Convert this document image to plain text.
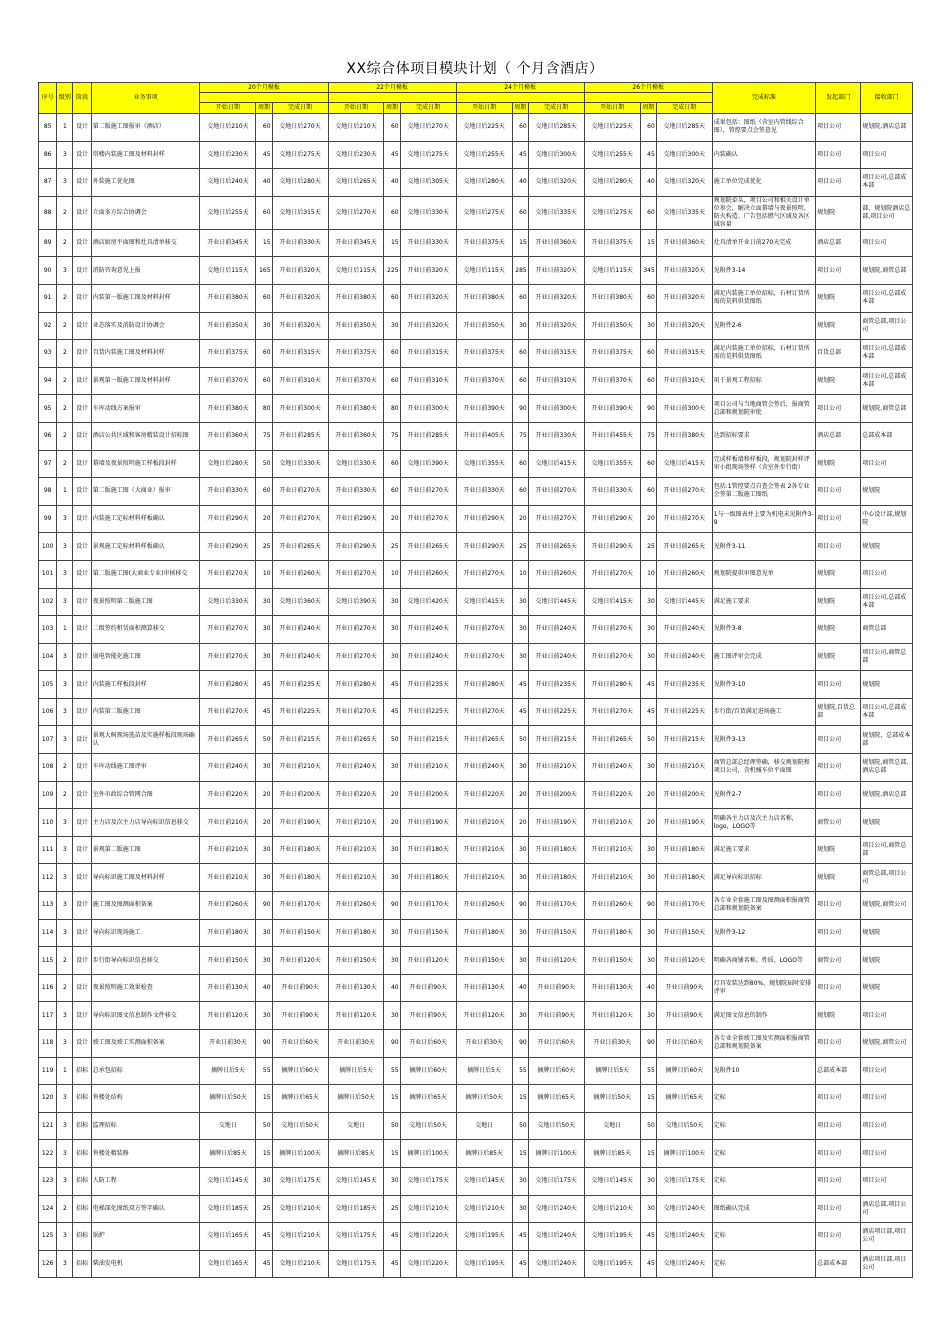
XX综合体项目模块计划（ 个月含酒店）
序号	级别	阶段	业务事项	20个月模板			22个月模板			24个月模板			26个月模板			完成标准	发起部门	接收部门

				开始日期	周期	完成日期	开始日期	周期	完成日期	开始日期	周期	完成日期	开始日期	周期	完成日期			
85	1	设计	第二版施工图报审（酒店）	交地日后210天	60	交地日后270天	交地日后210天	60	交地日后270天	交地日后225天	60	交地日后285天	交地日后225天	60	交地日后285天	成果包括：图纸（含室内管线综合图），管控要点会签意见	项目公司	规划院,酒店总部
86	3	设计	塔楼内装施工图及材料封样	交地日后230天	45	交地日后275天	交地日后230天	45	交地日后275天	交地日后255天	45	交地日后300天	交地日后255天	45	交地日后300天	内装确认	项目公司	项目公司
87	3	设计	外装施工优化图	交地日后240天	40	交地日后280天	交地日后265天	40	交地日后305天	交地日后280天	40	交地日后320天	交地日后280天	40	交地日后320天	施工单位完成优化	项目公司	项目公司,总部成本部
88	2	设计	立面多方综合协调会	交地日后255天	60	交地日后315天	交地日后270天	60	交地日后330天	交地日后275天	60	交地日后335天	交地日后275天	60	交地日后335天	规划院牵头，项目公司和相关设计单位参会，解决立面幕墙与夜景照明、防火构造、广告包括燃气区域及各区域容量	规划院	部，规划院酒店总部,项目公司
89	2	设计	酒店厨房平面图和灶具清单移交	开业日前345天	15	开业日前330天	开业日前345天	15	开业日前330天	开业日前375天	15	开业日前360天	开业日前375天	15	开业日前360天	灶具清单开业日前270天完成	酒店总部	项目公司
90	3	设计	消防咨询意见上报	交地日后115天	165	开业日前320天	交地日后115天	225	开业日前320天	交地日后115天	285	开业日前320天	交地日后115天	345	开业日前320天	见附件3-14	项目公司	规划院,商管总部
91	2	设计	内装第一版施工图及材料封样	开业日前380天	60	开业日前320天	开业日前380天	60	开业日前320天	开业日前380天	60	开业日前320天	开业日前380天	60	开业日前320天	满足内装施工单位招标，石材订货所需的荒料供货图纸	规划院	项目公司,总部成本部
92	2	设计	业态落实及消防设计协调会	开业日前350天	30	开业日前320天	开业日前350天	30	开业日前320天	开业日前350天	30	开业日前320天	开业日前350天	30	开业日前320天	见附件2-6	规划院	商管总部,项目公司
93	2	设计	百货内装施工图及材料封样	开业日前375天	60	开业日前315天	开业日前375天	60	开业日前315天	开业日前375天	60	开业日前315天	开业日前375天	60	开业日前315天	满足内装施工单位招标，石材订货所需的荒料供货图纸	百货总部	项目公司,总部成本部
94	2	设计	景观第一版施工图及材料封样	开业日前370天	60	开业日前310天	开业日前370天	60	开业日前310天	开业日前370天	60	开业日前310天	开业日前370天	60	开业日前310天	用于景观工程招标	规划院	项目公司,总部成本部
95	2	设计	车库动线方案报审	开业日前380天	80	开业日前300天	开业日前380天	80	开业日前300天	开业日前390天	90	开业日前300天	开业日前390天	90	开业日前300天	项目公司与当地商管会签后，报商管总部和规划院审批	项目公司	规划院,商管总部
96	2	设计	酒店公共区域和客房精装设计招标图	开业日前360天	75	开业日前285天	开业日前360天	75	开业日前285天	开业日前405天	75	开业日前330天	开业日前455天	75	开业日前380天	达到招标要求	酒店总部	总部成本部
97	2	设计	幕墙及夜景照明施工样板段封样	交地日后280天	50	交地日后330天	交地日后330天	60	交地日后390天	交地日后355天	60	交地日后415天	交地日后355天	60	交地日后415天	完成样板墙和样板段，规划院封样评审小组现场签样（含室外步行街）	规划院	项目公司
98	1	设计	第二版施工图（大商业）报审	开业日前330天	60	开业日前270天	开业日前330天	60	开业日前270天	开业日前330天	60	开业日前270天	开业日前330天	60	开业日前270天	包括:1管控要点自查会签表 2各专业会签第二版施工图纸	项目公司	规划院
99	3	设计	内装施工定标材料样板确认	开业日前290天	20	开业日前270天	开业日前290天	20	开业日前270天	开业日前290天	20	开业日前270天	开业日前290天	20	开业日前270天	1与一级图表并上要为机电末见附件3-9	项目公司	中心设计部,规划院
100	3	设计	景观施工定标材料样板确认	开业日前290天	25	开业日前265天	开业日前290天	25	开业日前265天	开业日前290天	25	开业日前265天	开业日前290天	25	开业日前265天	见附件3-11	项目公司	规划院
101	3	设计	第二版施工图(大商业专业)审核移交	开业日前270天	10	开业日前260天	开业日前270天	10	开业日前260天	开业日前270天	10	开业日前260天	开业日前270天	10	开业日前260天	规划院提供审图意见单	规划院	项目公司
102	3	设计	夜景照明第二版施工图	交地日后330天	30	交地日后360天	交地日后390天	30	交地日后420天	交地日后415天	30	交地日后445天	交地日后415天	30	交地日后445天	满足施工要求	规划院	项目公司,总部成本部
103	1	设计	二级签约租赁面积测算移交	开业日前270天	30	开业日前240天	开业日前270天	30	开业日前240天	开业日前270天	30	开业日前240天	开业日前270天	30	开业日前240天	见附件3-8	规划院	商管总部
104	3	设计	弱电智能化施工图	开业日前270天	30	开业日前240天	开业日前270天	30	开业日前240天	开业日前270天	30	开业日前240天	开业日前270天	30	开业日前240天	施工图评审会完成	规划院	项目公司,商管总部
105	3	设计	内装施工样板段封样	开业日前280天	45	开业日前235天	开业日前280天	45	开业日前235天	开业日前280天	45	开业日前235天	开业日前280天	45	开业日前235天	见附件3-10	项目公司	规划院
106	3	设计	内装第二版施工图	开业日前270天	45	开业日前225天	开业日前270天	45	开业日前225天	开业日前270天	45	开业日前225天	开业日前270天	45	开业日前225天	步行街/百货满足进场施工	规划院,百货总部	项目公司,总部成本部
107	3	设计	景观大树现场选苗及实施样板段现场确认	开业日前265天	50	开业日前215天	开业日前265天	50	开业日前215天	开业日前265天	50	开业日前215天	开业日前265天	50	开业日前215天	见附件3-13	项目公司	规划院，总部成本部
108	2	设计	车库动线施工图评审	开业日前240天	30	开业日前210天	开业日前240天	30	开业日前210天	开业日前240天	30	开业日前210天	开业日前240天	30	开业日前210天	商管总部总经理签确，移交规划院和项目公司，含机械车位平面图	项目公司	规划院,商管总部,酒店总部
109	2	设计	室外市政综合管网合图	开业日前220天	20	开业日前200天	开业日前220天	20	开业日前200天	开业日前220天	20	开业日前200天	开业日前220天	20	开业日前200天	见附件2-7	项目公司	规划院,酒店总部
110	3	设计	主力店及次主力店导向标识信息移交	开业日前210天	20	开业日前190天	开业日前210天	20	开业日前190天	开业日前210天	20	开业日前190天	开业日前210天	20	开业日前190天	明确各主力店及次主力店名称，logo，LOGO等	商管公司	规划院
111	3	设计	景观第二版施工图	开业日前210天	30	开业日前180天	开业日前210天	30	开业日前180天	开业日前210天	30	开业日前180天	开业日前210天	30	开业日前180天	满足施工要求	规划院	项目公司,商管总部
112	3	设计	导向标识施工图及材料封样	开业日前210天	30	开业日前180天	开业日前210天	30	开业日前180天	开业日前210天	30	开业日前180天	开业日前210天	30	开业日前180天	满足导向标识招标	规划院	商管总部,项目公司
113	3	设计	施工图及图测面积备案	开业日前260天	90	开业日前170天	开业日前260天	90	开业日前170天	开业日前260天	90	开业日前170天	开业日前260天	90	开业日前170天	各专业全套施工图及图测面积报商管总部和规划院备案	项目公司	规划院,商管公司
114	3	设计	导向标识现场施工	开业日前180天	30	开业日前150天	开业日前180天	30	开业日前150天	开业日前180天	30	开业日前150天	开业日前180天	30	开业日前150天	见附件3-12	项目公司	规划院
115	2	设计	步行街导向标识信息移交	开业日前150天	30	开业日前120天	开业日前150天	30	开业日前120天	开业日前150天	30	开业日前120天	开业日前150天	30	开业日前120天	明确各商铺名称、性质、LOGO等	商管公司	规划院
116	2	设计	夜景照明施工效果检查	开业日前130天	40	开业日前90天	开业日前130天	40	开业日前90天	开业日前130天	40	开业日前90天	开业日前130天	40	开业日前90天	灯具安装达到80%，规划院届时安排评审	项目公司	规划院
117	3	设计	导向标识图文信息制作文件移交	开业日前120天	30	开业日前90天	开业日前120天	30	开业日前90天	开业日前120天	30	开业日前90天	开业日前120天	30	开业日前90天	满足图文信息的制作	规划院	项目公司
118	3	设计	竣工图及竣工实测面积备案	开业日前30天	90	开业日后60天	开业日前30天	90	开业日后60天	开业日前30天	90	开业日后60天	开业日前30天	90	开业日后60天	各专业全套竣工图及实测面积报商管总部和规划院备案	项目公司	规划院,商管公司
119	1	招标	总承包招标	摘牌日后5天	55	摘牌日后60天	摘牌日后5天	55	摘牌日后60天	摘牌日后5天	55	摘牌日后60天	摘牌日后5天	55	摘牌日后60天	见附件10	总部成本部	项目公司
120	3	招标	售楼处结构	摘牌日后50天	15	摘牌日后65天	摘牌日后50天	15	摘牌日后65天	摘牌日后50天	15	摘牌日后65天	摘牌日后50天	15	摘牌日后65天	定标	项目公司	项目公司
121	3	招标	监理招标	交地日	50	交地日后50天	交地日	50	交地日后50天	交地日	50	交地日后50天	交地日	50	交地日后50天	定标	项目公司	项目公司
122	3	招标	售楼处精装修	摘牌日后85天	15	摘牌日后100天	摘牌日后85天	15	摘牌日后100天	摘牌日后85天	15	摘牌日后100天	摘牌日后85天	15	摘牌日后100天	定标	项目公司	项目公司
123	3	招标	人防工程	交地日后145天	30	交地日后175天	交地日后145天	30	交地日后175天	交地日后145天	30	交地日后175天	交地日后145天	30	交地日后175天	定标	项目公司	项目公司
124	2	招标	电梯深化图纸双方签字确认	交地日后185天	25	交地日后210天	交地日后185天	25	交地日后210天	交地日后210天	30	交地日后240天	交地日后210天	30	交地日后240天	图纸确认完成	项目公司	酒店总部,项目公司
125	3	招标	锅炉	交地日后165天	45	交地日后210天	交地日后175天	45	交地日后220天	交地日后195天	45	交地日后240天	交地日后195天	45	交地日后240天	定标	项目公司	酒店项目部,项目公司
126	3	招标	柴油发电机	交地日后165天	45	交地日后210天	交地日后175天	45	交地日后220天	交地日后195天	45	交地日后240天	交地日后195天	45	交地日后240天	定标	总部成本部	酒店项目部,项目公司
